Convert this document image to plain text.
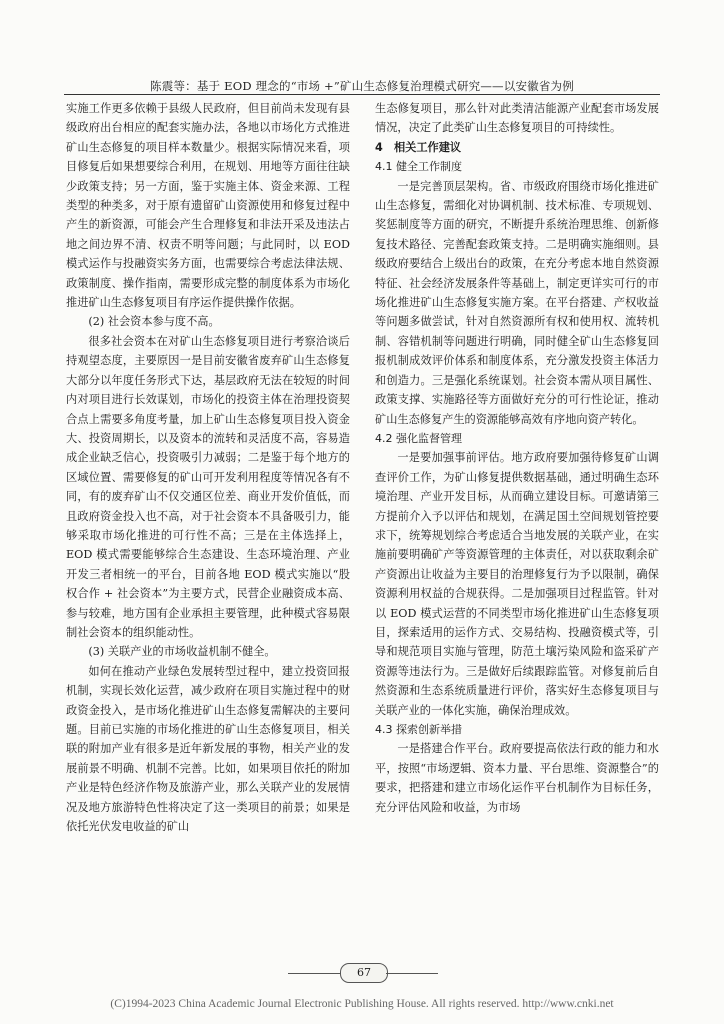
陈震等：基于 EOD 理念的“市场 +”矿山生态修复治理模式研究——以安徽省为例

实施工作更多依赖于县级人民政府，但目前尚未发现有县级政府出台相应的配套实施办法，各地以市场化方式推进矿山生态修复的项目样本数量少。根据实际情况来看，项目修复后如果想要综合利用，在规划、用地等方面往往缺少政策支持；另一方面，鉴于实施主体、资金来源、工程类型的种类多，对于原有遗留矿山资源使用和修复过程中产生的新资源，可能会产生合理修复和非法开采及违法占地之间边界不清、权责不明等问题；与此同时，以 EOD 模式运作与投融资实务方面，也需要综合考虑法律法规、政策制度、操作指南，需要形成完整的制度体系为市场化推进矿山生态修复项目有序运作提供操作依据。

(2) 社会资本参与度不高。

很多社会资本在对矿山生态修复项目进行考察洽谈后持观望态度，主要原因一是目前安徽省废弃矿山生态修复大部分以年度任务形式下达，基层政府无法在较短的时间内对项目进行长效谋划，市场化的投资主体在治理投资契合点上需要多角度考量，加上矿山生态修复项目投入资金大、投资周期长，以及资本的流转和灵活度不高，容易造成企业缺乏信心，投资吸引力减弱；二是鉴于每个地方的区域位置、需要修复的矿山可开发利用程度等情况各有不同，有的废弃矿山不仅交通区位差、商业开发价值低，而且政府资金投入也不高，对于社会资本不具备吸引力，能够采取市场化推进的可行性不高；三是在主体选择上，EOD 模式需要能够综合生态建设、生态环境治理、产业开发三者相统一的平台，目前各地 EOD 模式实施以“股权合作 + 社会资本”为主要方式，民营企业融资成本高、参与较难，地方国有企业承担主要管理，此种模式容易限制社会资本的组织能动性。

(3) 关联产业的市场收益机制不健全。

如何在推动产业绿色发展转型过程中，建立投资回报机制，实现长效化运营，减少政府在项目实施过程中的财政资金投入，是市场化推进矿山生态修复需解决的主要问题。目前已实施的市场化推进的矿山生态修复项目，相关联的附加产业有很多是近年新发展的事物，相关产业的发展前景不明确、机制不完善。比如，如果项目依托的附加产业是特色经济作物及旅游产业，那么关联产业的发展情况及地方旅游特色性将决定了这一类项目的前景；如果是依托光伏发电收益的矿山

生态修复项目，那么针对此类清洁能源产业配套市场发展情况，决定了此类矿山生态修复项目的可持续性。

4　相关工作建议

4.1 健全工作制度

一是完善顶层架构。省、市级政府围绕市场化推进矿山生态修复，需细化对协调机制、技术标准、专项规划、奖惩制度等方面的研究，不断提升系统治理思维、创新修复技术路径、完善配套政策支持。二是明确实施细则。县级政府要结合上级出台的政策，在充分考虑本地自然资源特征、社会经济发展条件等基础上，制定更详实可行的市场化推进矿山生态修复实施方案。在平台搭建、产权收益等问题多做尝试，针对自然资源所有权和使用权、流转机制、容错机制等问题进行明确，同时健全矿山生态修复回报机制成效评价体系和制度体系，充分激发投资主体活力和创造力。三是强化系统谋划。社会资本需从项目属性、政策支撑、实施路径等方面做好充分的可行性论证，推动矿山生态修复产生的资源能够高效有序地向资产转化。

4.2 强化监督管理

一是要加强事前评估。地方政府要加强待修复矿山调查评价工作，为矿山修复提供数据基础，通过明确生态环境治理、产业开发目标，从而确立建设目标。可邀请第三方提前介入予以评估和规划，在满足国土空间规划管控要求下，统筹规划综合考虑适合当地发展的关联产业，在实施前要明确矿产等资源管理的主体责任，对以获取剩余矿产资源出让收益为主要目的治理修复行为予以限制，确保资源利用权益的合规获得。二是加强项目过程监管。针对以 EOD 模式运营的不同类型市场化推进矿山生态修复项目，探索适用的运作方式、交易结构、投融资模式等，引导和规范项目实施与管理，防范土壤污染风险和盗采矿产资源等违法行为。三是做好后续跟踪监管。对修复前后自然资源和生态系统质量进行评价，落实好生态修复项目与关联产业的一体化实施，确保治理成效。

4.3 探索创新举措

一是搭建合作平台。政府要提高依法行政的能力和水平，按照“市场逻辑、资本力量、平台思维、资源整合”的要求，把搭建和建立市场化运作平台机制作为目标任务，充分评估风险和收益，为市场

67
(C)1994-2023 China Academic Journal Electronic Publishing House. All rights reserved. http://www.cnki.net
